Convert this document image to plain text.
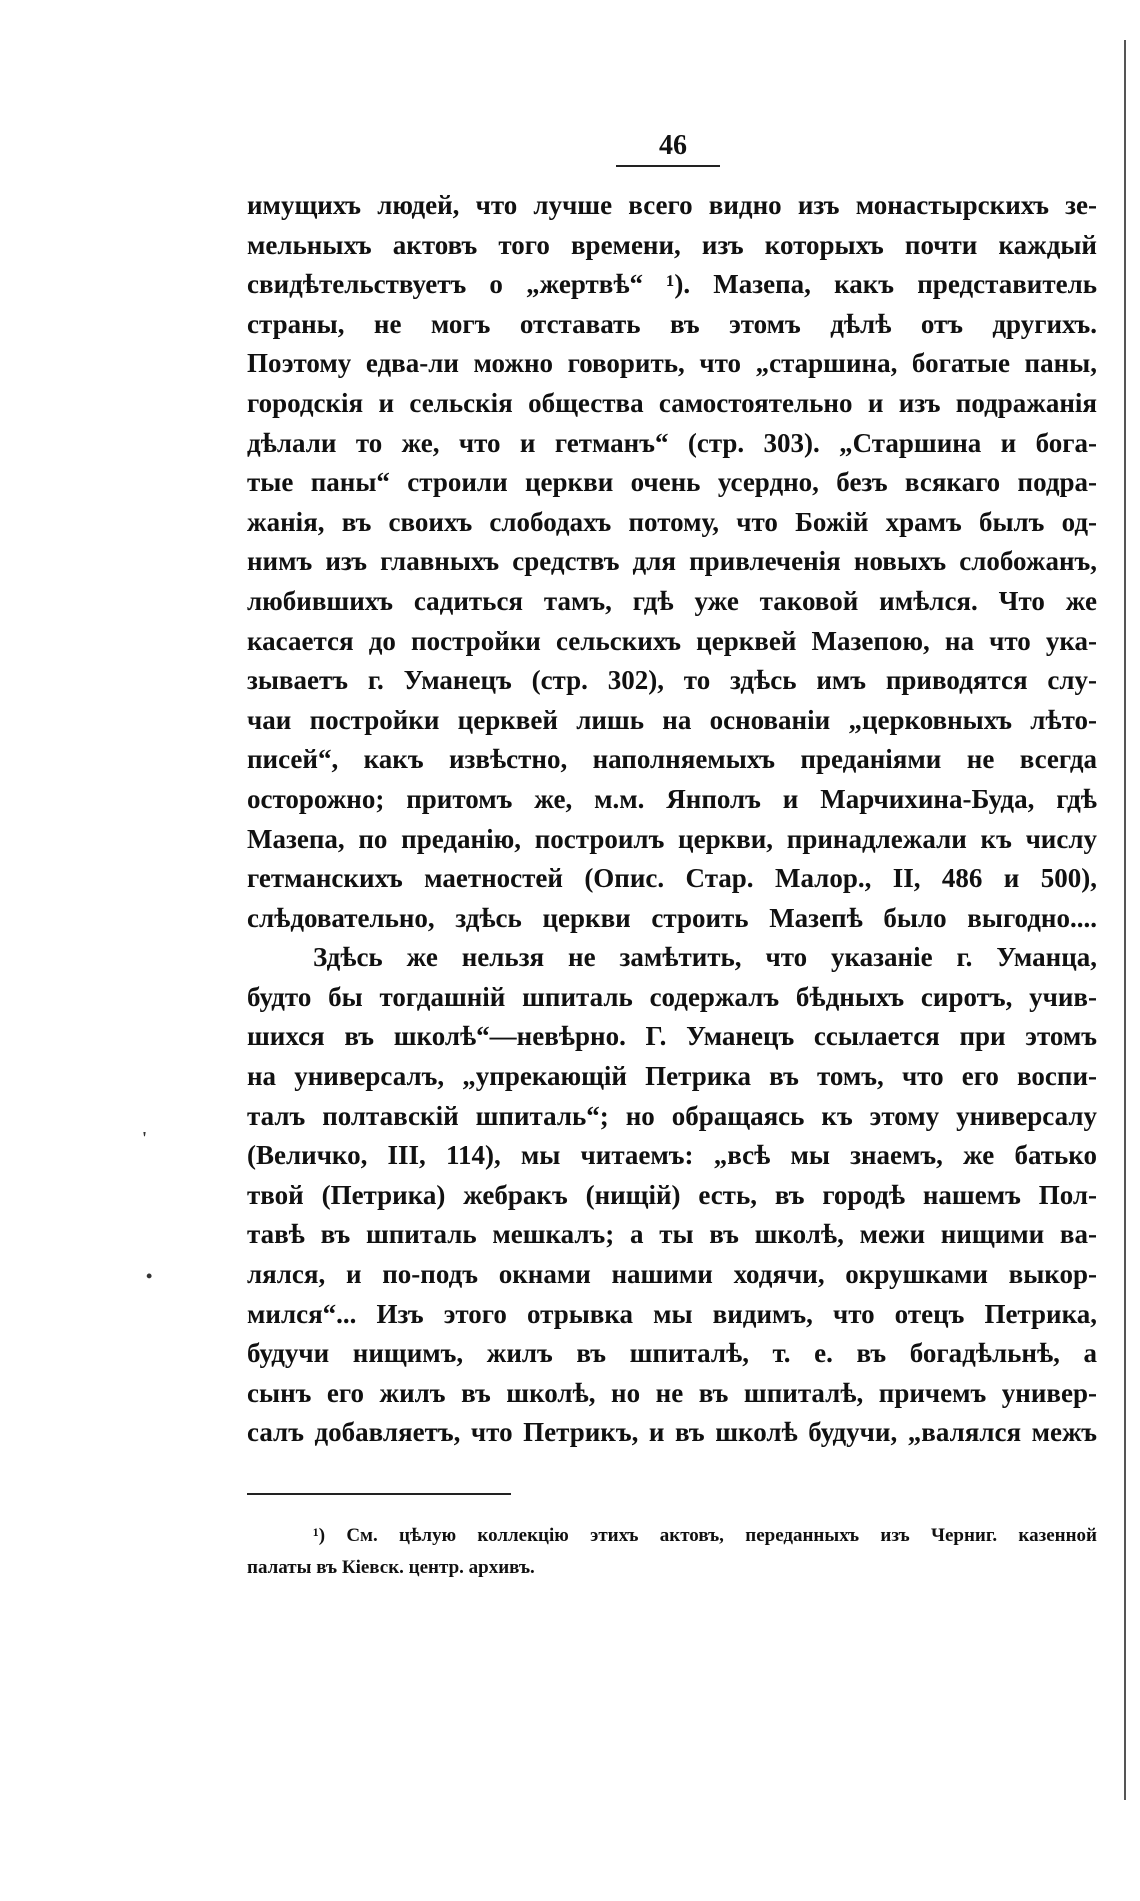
46
имущихъ людей, что лучше всего видно изъ монастырскихъ зе-
мельныхъ актовъ того времени, изъ которыхъ почти каждый
свидѣтельствуетъ о „жертвѣ“ ¹). Мазепа, какъ представитель
страны, не могъ отставать въ этомъ дѣлѣ отъ другихъ.
Поэтому едва-ли можно говорить, что „старшина, богатые паны,
городскія и сельскія общества самостоятельно и изъ подражанія
дѣлали то же, что и гетманъ“ (стр. 303). „Старшина и бога-
тые паны“ строили церкви очень усердно, безъ всякаго подра-
жанія, въ своихъ слободахъ потому, что Божій храмъ былъ од-
нимъ изъ главныхъ средствъ для привлеченія новыхъ слобожанъ,
любившихъ садиться тамъ, гдѣ уже таковой имѣлся. Что же
касается до постройки сельскихъ церквей Мазепою, на что ука-
зываетъ г. Уманецъ (стр. 302), то здѣсь имъ приводятся слу-
чаи постройки церквей лишь на основаніи „церковныхъ лѣто-
писей“, какъ извѣстно, наполняемыхъ преданіями не всегда
осторожно; притомъ же, м.м. Янполъ и Марчихина-Буда, гдѣ
Мазепа, по преданію, построилъ церкви, принадлежали къ числу
гетманскихъ маетностей (Опис. Стар. Малор., II, 486 и 500),
слѣдовательно, здѣсь церкви строить Мазепѣ было выгодно....
Здѣсь же нельзя не замѣтить, что указаніе г. Уманца,
будто бы тогдашній шпиталь содержалъ бѣдныхъ сиротъ, учив-
шихся въ школѣ“—невѣрно. Г. Уманецъ ссылается при этомъ
на универсалъ, „упрекающій Петрика въ томъ, что его воспи-
талъ полтавскій шпиталь“; но обращаясь къ этому универсалу
(Величко, III, 114), мы читаемъ: „всѣ мы знаемъ, же батько
твой (Петрика) жебракъ (нищій) есть, въ городѣ нашемъ Пол-
тавѣ въ шпиталь мешкалъ; а ты въ школѣ, межи нищими ва-
лялся, и по-подъ окнами нашими ходячи, окрушками выкор-
мился“... Изъ этого отрывка мы видимъ, что отецъ Петрика,
будучи нищимъ, жилъ въ шпиталѣ, т. е. въ богадѣльнѣ, а
сынъ его жилъ въ школѣ, но не въ шпиталѣ, причемъ универ-
салъ добавляетъ, что Петрикъ, и въ школѣ будучи, „валялся межъ
¹) См. цѣлую коллекцію этихъ актовъ, переданныхъ изъ Черниг. казенной
палаты въ Кіевск. центр. архивъ.
'
•
